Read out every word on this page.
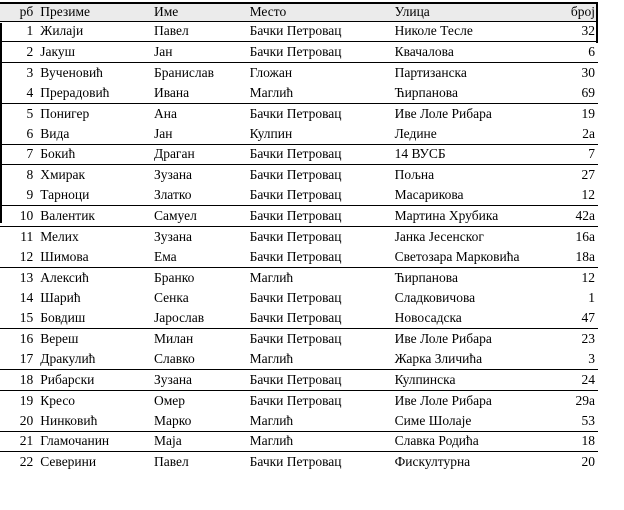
рб	Презиме	Име	Место	Улица	број
1	Жилаји	Павел	Бачки Петровац	Николе Тесле	32
2	Јакуш	Јан	Бачки Петровац	Квачалова	6
3	Вученовић	Бранислав	Гложан	Партизанска	30
4	Прерадовић	Ивана	Маглић	Ћирпанова	69
5	Понигер	Ана	Бачки Петровац	Иве Лоле Рибара	19
6	Вида	Јан	Кулпин	Ледине	2а
7	Бокић	Драган	Бачки Петровац	14 ВУСБ	7
8	Хмирак	Зузана	Бачки Петровац	Пољна	27
9	Тарноци	Златко	Бачки Петровац	Масарикова	12
10	Валентик	Самуел	Бачки Петровац	Мартина Хрубика	42а
11	Мелих	Зузана	Бачки Петровац	Јанка Јесенског	16а
12	Шимова	Ема	Бачки Петровац	Светозара Марковића	18а
13	Алексић	Бранко	Маглић	Ћирпанова	12
14	Шарић	Сенка	Бачки Петровац	Сладковичова	1
15	Бовдиш	Јарослав	Бачки Петровац	Новосадска	47
16	Вереш	Милан	Бачки Петровац	Иве Лоле Рибара	23
17	Дракулић	Славко	Маглић	Жарка Зличића	3
18	Рибарски	Зузана	Бачки Петровац	Кулпинска	24
19	Кресо	Омер	Бачки Петровац	Иве Лоле Рибара	29а
20	Нинковић	Марко	Маглић	Симе Шолаје	53
21	Гламочанин	Маја	Маглић	Славка Родића	18
22	Северини	Павел	Бачки Петровац	Фискултурна	20
